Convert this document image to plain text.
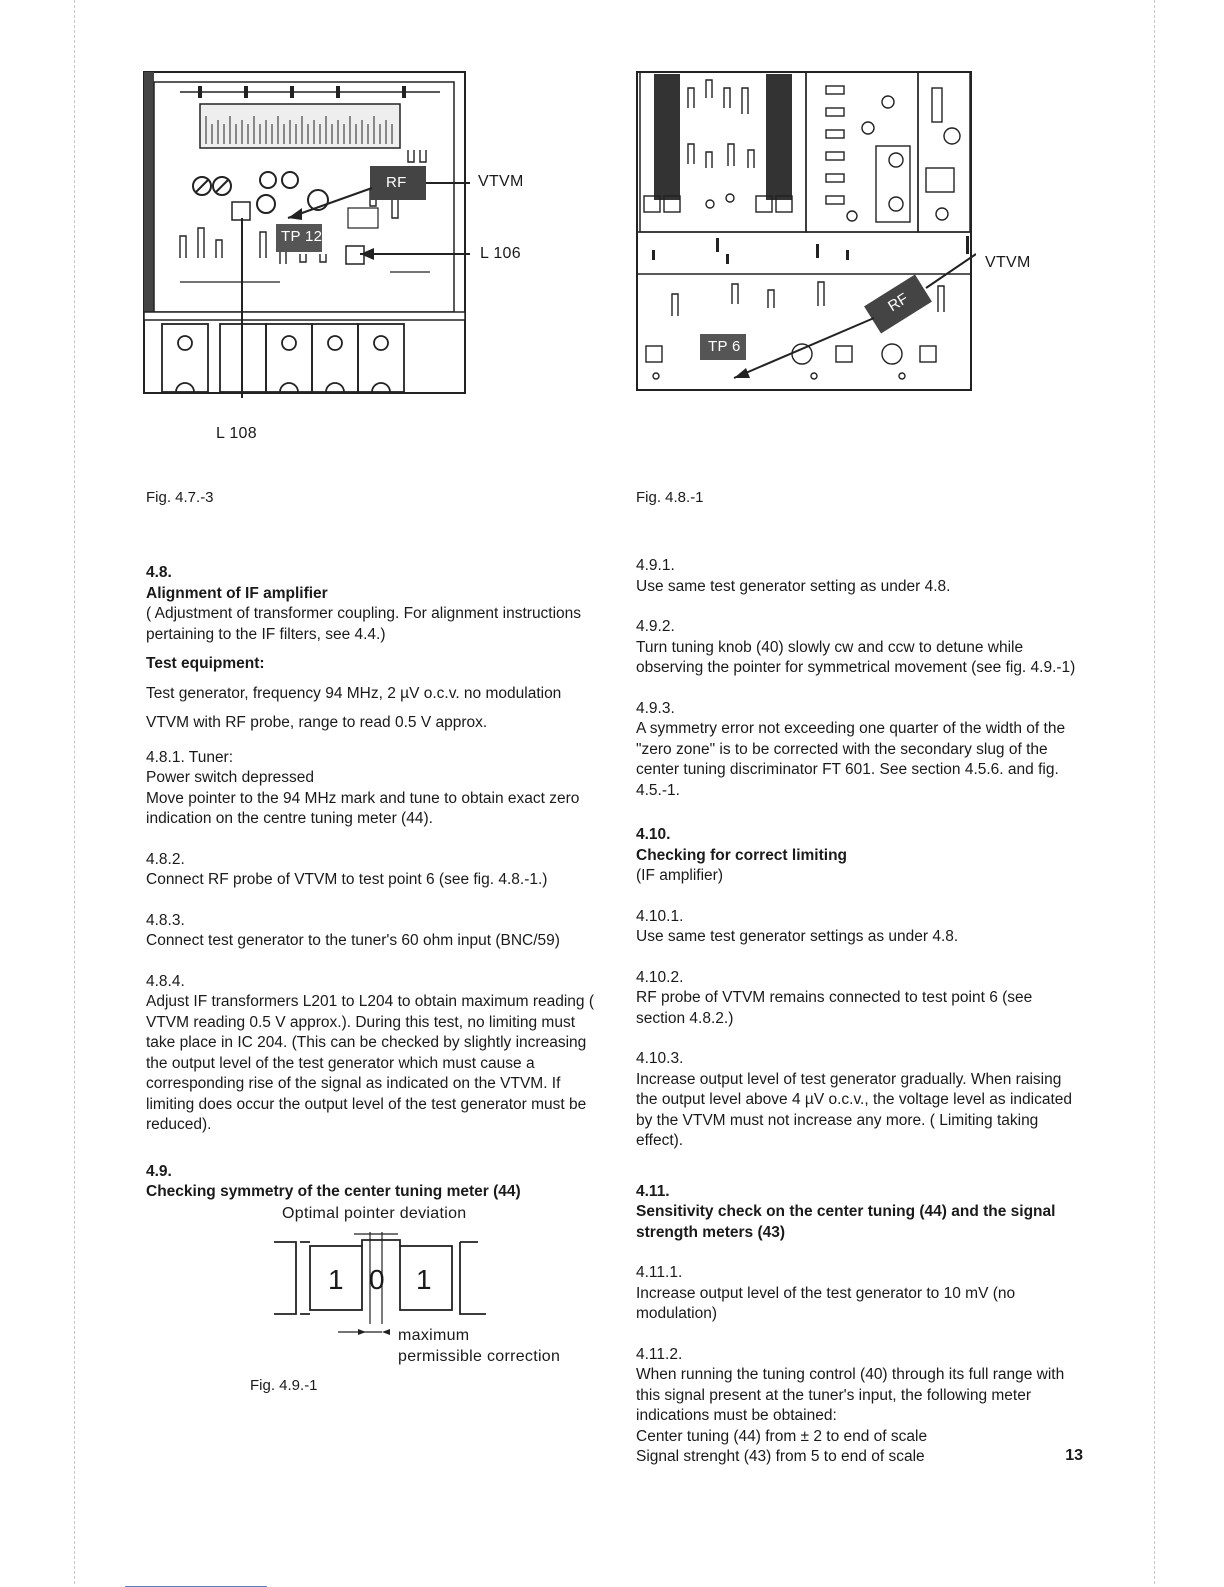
RF
TP 12
VTVM
L 106
L 108
Fig. 4.7.-3
TP 6
RF
VTVM
Fig. 4.8.-1
4.8.
Alignment of IF amplifier

( Adjustment of transformer coupling. For alignment instructions pertaining to the IF filters, see 4.4.)

Test equipment:
Test generator, frequency 94 MHz, 2 µV o.c.v. no modulation
VTVM with RF probe, range to read 0.5 V approx.
4.8.1. Tuner:
Power switch depressed
Move pointer to the 94 MHz mark and tune to obtain exact zero indication on the centre tuning meter (44).
4.8.2.

Connect RF probe of VTVM to test point 6 (see fig. 4.8.-1.)

4.8.3.

Connect test generator to the tuner's 60 ohm input (BNC/59)

4.8.4.

Adjust IF transformers L201 to L204 to obtain maximum reading ( VTVM reading 0.5 V approx.). During this test, no limiting must take place in IC 204. (This can be checked by slightly increasing the output level of the test generator which must cause a corresponding rise of the signal as indicated on the VTVM. If limiting does occur the output level of the test generator must be reduced).

4.9.
Checking symmetry of the center tuning meter (44)
Optimal pointer deviation
1 0 1
maximum
permissible correction
Fig. 4.9.-1
4.9.1.

Use same test generator setting as under 4.8.

4.9.2.

Turn tuning knob (40) slowly cw and ccw to detune while observing the pointer for symmetrical movement (see fig. 4.9.-1)

4.9.3.

A symmetry error not exceeding one quarter of the width of the "zero zone" is to be corrected with the secondary slug of the center tuning discriminator FT 601. See section 4.5.6. and fig. 4.5.-1.

4.10.
Checking for correct limiting
(IF amplifier)
4.10.1.

Use same test generator settings as under 4.8.

4.10.2.

RF probe of VTVM remains connected to test point 6 (see section 4.8.2.)

4.10.3.

Increase output level of test generator gradually. When raising the output level above 4 µV o.c.v., the voltage level as indicated by the VTVM must not increase any more. ( Limiting taking effect).

4.11.
Sensitivity check on the center tuning (44) and the signal strength meters (43)
4.11.1.

Increase output level of the test generator to 10 mV (no modulation)

4.11.2.

When running the tuning control (40) through its full range with this signal present at the tuner's input, the following meter indications must be obtained:

Center tuning (44) from ± 2 to end of scale
Signal strenght (43) from 5 to end of scale	13
